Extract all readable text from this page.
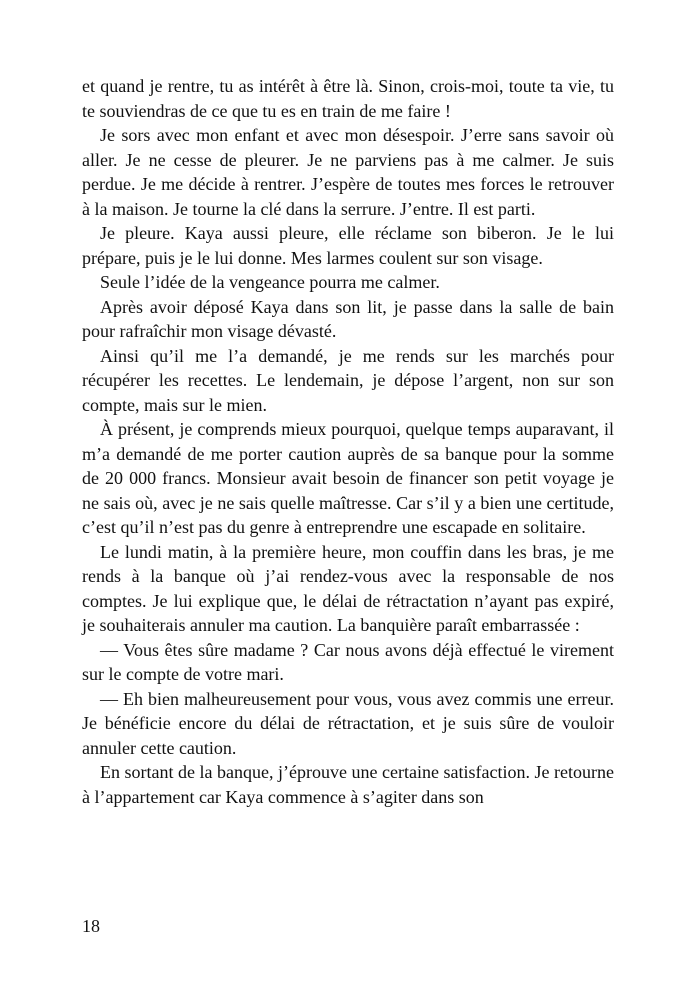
et quand je rentre, tu as intérêt à être là. Sinon, crois-moi, toute ta vie, tu te souviendras de ce que tu es en train de me faire !

Je sors avec mon enfant et avec mon désespoir. J’erre sans savoir où aller. Je ne cesse de pleurer. Je ne parviens pas à me calmer. Je suis perdue. Je me décide à rentrer. J’espère de toutes mes forces le retrouver à la maison. Je tourne la clé dans la serrure. J’entre. Il est parti.

Je pleure. Kaya aussi pleure, elle réclame son biberon. Je le lui prépare, puis je le lui donne. Mes larmes coulent sur son visage.

Seule l’idée de la vengeance pourra me calmer.

Après avoir déposé Kaya dans son lit, je passe dans la salle de bain pour rafraîchir mon visage dévasté.

Ainsi qu’il me l’a demandé, je me rends sur les marchés pour récupérer les recettes. Le lendemain, je dépose l’argent, non sur son compte, mais sur le mien.

À présent, je comprends mieux pourquoi, quelque temps auparavant, il m’a demandé de me porter caution auprès de sa banque pour la somme de 20 000 francs. Monsieur avait besoin de financer son petit voyage je ne sais où, avec je ne sais quelle maîtresse. Car s’il y a bien une certitude, c’est qu’il n’est pas du genre à entreprendre une escapade en solitaire.

Le lundi matin, à la première heure, mon couffin dans les bras, je me rends à la banque où j’ai rendez-vous avec la responsable de nos comptes. Je lui explique que, le délai de rétractation n’ayant pas expiré, je souhaiterais annuler ma caution. La banquière paraît embarrassée :

— Vous êtes sûre madame ? Car nous avons déjà effectué le virement sur le compte de votre mari.

— Eh bien malheureusement pour vous, vous avez commis une erreur. Je bénéficie encore du délai de rétractation, et je suis sûre de vouloir annuler cette caution.

En sortant de la banque, j’éprouve une certaine satisfaction. Je retourne à l’appartement car Kaya commence à s’agiter dans son

18
